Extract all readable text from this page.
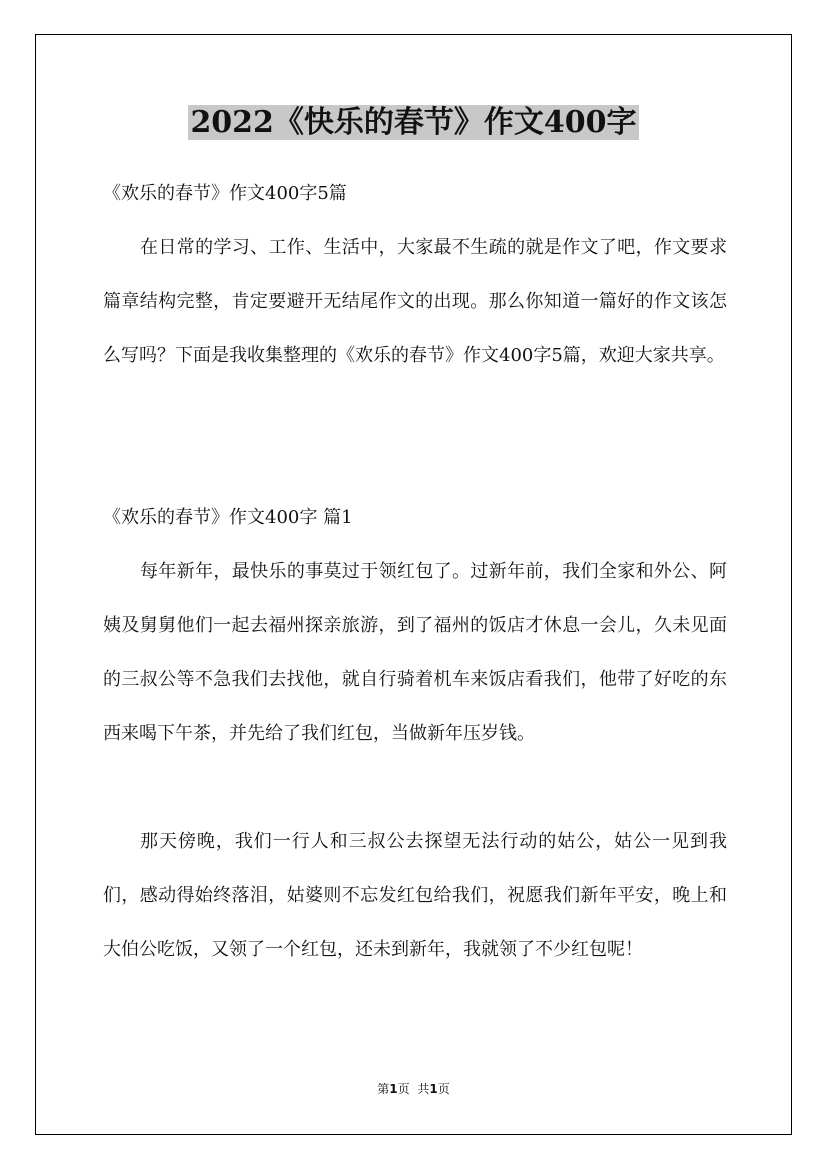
2022《快乐的春节》作文400字

《欢乐的春节》作文400字5篇

在日常的学习、工作、生活中，大家最不生疏的就是作文了吧，作文要求篇章结构完整，肯定要避开无结尾作文的出现。那么你知道一篇好的作文该怎么写吗？下面是我收集整理的《欢乐的春节》作文400字5篇，欢迎大家共享。

《欢乐的春节》作文400字 篇1

每年新年，最快乐的事莫过于领红包了。过新年前，我们全家和外公、阿姨及舅舅他们一起去福州探亲旅游，到了福州的饭店才休息一会儿，久未见面的三叔公等不急我们去找他，就自行骑着机车来饭店看我们，他带了好吃的东西来喝下午茶，并先给了我们红包，当做新年压岁钱。

那天傍晚，我们一行人和三叔公去探望无法行动的姑公，姑公一见到我们，感动得始终落泪，姑婆则不忘发红包给我们，祝愿我们新年平安，晚上和大伯公吃饭，又领了一个红包，还未到新年，我就领了不少红包呢！

第1页 共1页
